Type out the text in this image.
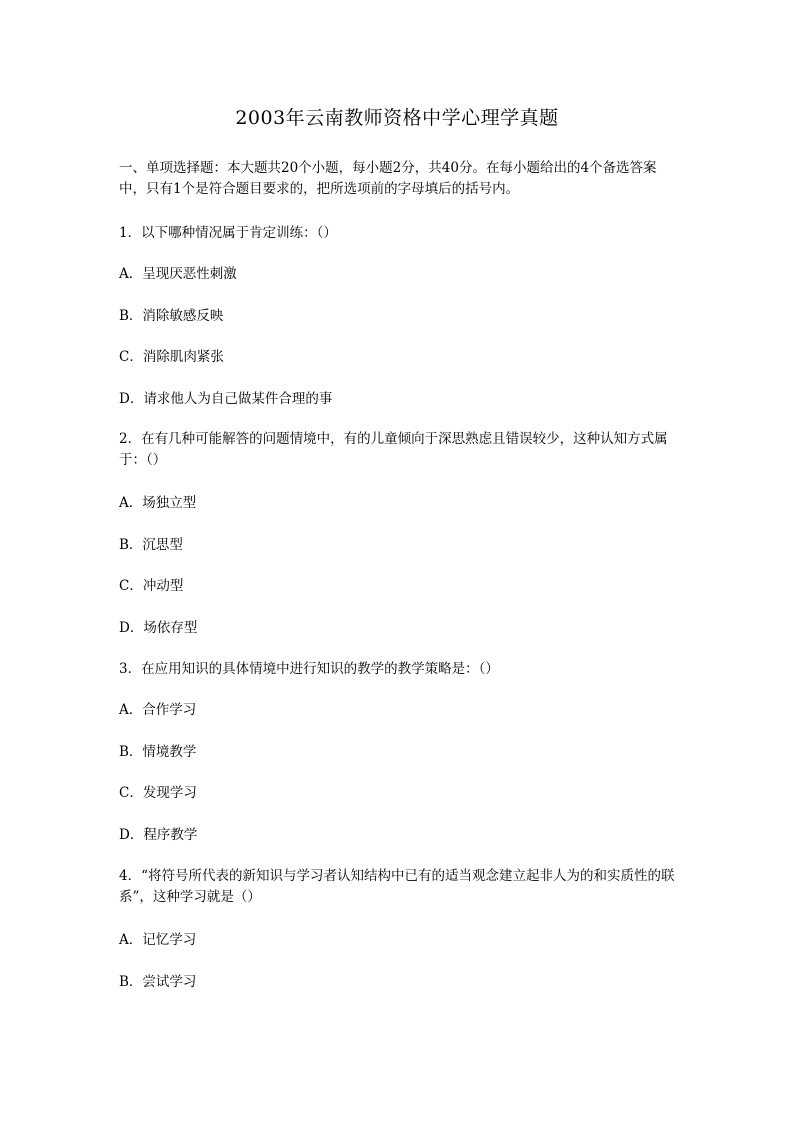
2003年云南教师资格中学心理学真题

一、单项选择题：本大题共20个小题，每小题2分，共40分。在每小题给出的4个备选答案中，只有1个是符合题目要求的，把所选项前的字母填后的括号内。

1．以下哪种情况属于肯定训练：（）
A．呈现厌恶性刺激
B．消除敏感反映
C．消除肌肉紧张
D．请求他人为自己做某件合理的事

2．在有几种可能解答的问题情境中，有的儿童倾向于深思熟虑且错误较少，这种认知方式属于：（）

A．场独立型
B．沉思型
C．冲动型
D．场依存型
3．在应用知识的具体情境中进行知识的教学的教学策略是：（）
A．合作学习
B．情境教学
C．发现学习
D．程序教学

4．“将符号所代表的新知识与学习者认知结构中已有的适当观念建立起非人为的和实质性的联系”，这种学习就是（）

A．记忆学习
B．尝试学习
